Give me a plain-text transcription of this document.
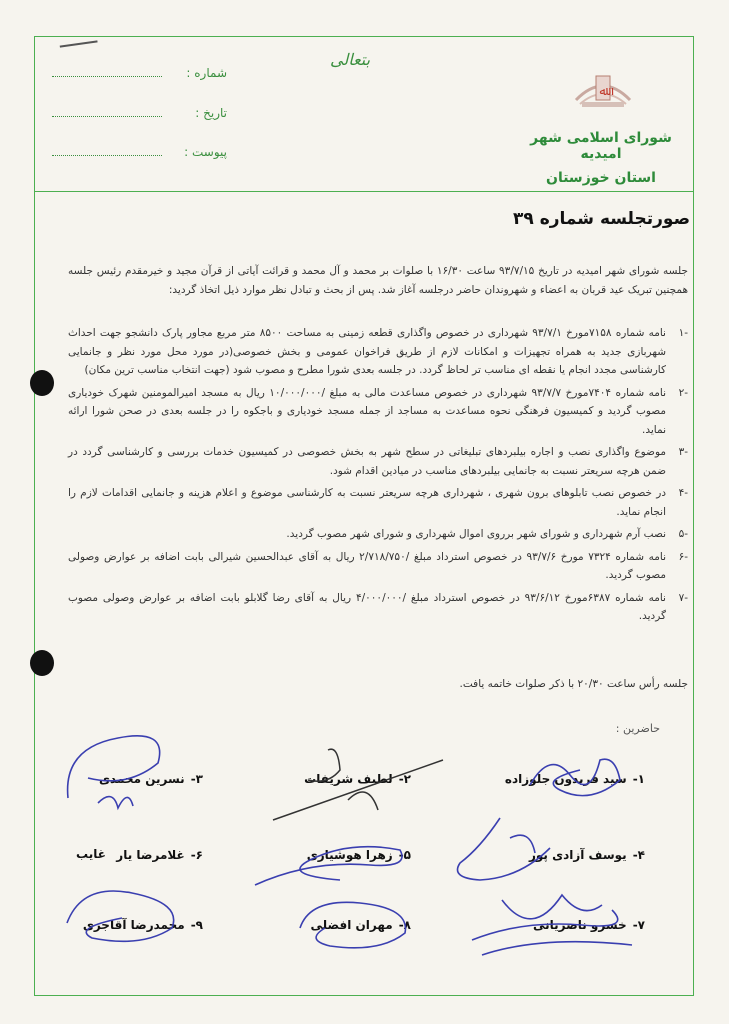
ﷲ
شورای اسلامی شهر امیدیه
استان خوزستان
بتعالی
شماره :
تاریخ :
پیوست :
صورتجلسه شماره ۳۹

جلسه شورای شهر امیدیه در تاریخ ۹۳/۷/۱۵ ساعت ۱۶/۳۰ با صلوات بر محمد و آل محمد و قرائت آیاتی از قرآن مجید و خیرمقدم رئیس جلسه همچنین تبریک عید قربان به اعضاء و شهروندان حاضر درجلسه آغاز شد. پس از بحث و تبادل نظر موارد ذیل اتخاذ گردید:

-۱
نامه شماره ۷۱۵۸مورخ ۹۳/۷/۱ شهرداری در خصوص واگذاری قطعه زمینی به مساحت ۸۵۰۰ متر مربع مجاور پارک دانشجو جهت احداث شهربازی جدید به همراه تجهیزات و امکانات لازم از طریق فراخوان عمومی و بخش خصوصی(در مورد محل مورد نظر و جانمایی کارشناسی مجدد انجام یا نقطه ای مناسب تر لحاظ گردد. در جلسه بعدی شورا مطرح و مصوب شود (جهت انتخاب مناسب ترین مکان)
-۲
نامه شماره ۷۴۰۴مورخ ۹۳/۷/۷ شهرداری در خصوص مساعدت مالی به مبلغ /۱۰/۰۰۰/۰۰۰ ریال به مسجد امیرالمومنین شهرک خودیاری مصوب گردید و کمیسیون فرهنگی نحوه مساعدت به مساجد از جمله مسجد خودیاری و باجکوه را در جلسه بعدی در صحن شورا ارائه نماید.
-۳
موضوع واگذاری نصب و اجاره بیلبردهای تبلیغاتی در سطح شهر به بخش خصوصی در کمیسیون خدمات بررسی و کارشناسی گردد در ضمن هرچه سریعتر نسبت به جانمایی بیلبردهای مناسب در میادین اقدام شود.
-۴
در خصوص نصب تابلوهای برون شهری ، شهرداری هرچه سریعتر نسبت به کارشناسی موضوع و اعلام هزینه و جانمایی اقدامات لازم را انجام نماید.
-۵
نصب آرم شهرداری و شورای شهر برروی اموال شهرداری و شورای شهر مصوب گردید.
-۶
نامه شماره ۷۳۲۴ مورخ ۹۳/۷/۶ در خصوص استرداد مبلغ /۲/۷۱۸/۷۵۰ ریال به آقای عبدالحسین شیرالی بابت اضافه بر عوارض وصولی مصوب گردید.
-۷
نامه شماره ۶۳۸۷مورخ ۹۳/۶/۱۲ در خصوص استرداد مبلغ /۴/۰۰۰/۰۰۰ ریال به آقای رضا گلابلو بابت اضافه بر عوارض وصولی مصوب گردید.
جلسه رأس ساعت ۲۰/۳۰ با ذکر صلوات خاتمه یافت.
حاضرین :
۱-سید فریدون جلوزاده
۲-لطیف شریفات
۳-نسرین محمدی
۴-یوسف آزادی پور
۵-زهرا هوشیاری
۶-غلامرضا یار
غایب
۷-خسرو ناصریانی
۸-مهران افضلی
۹-محمدرضا آقاجری
